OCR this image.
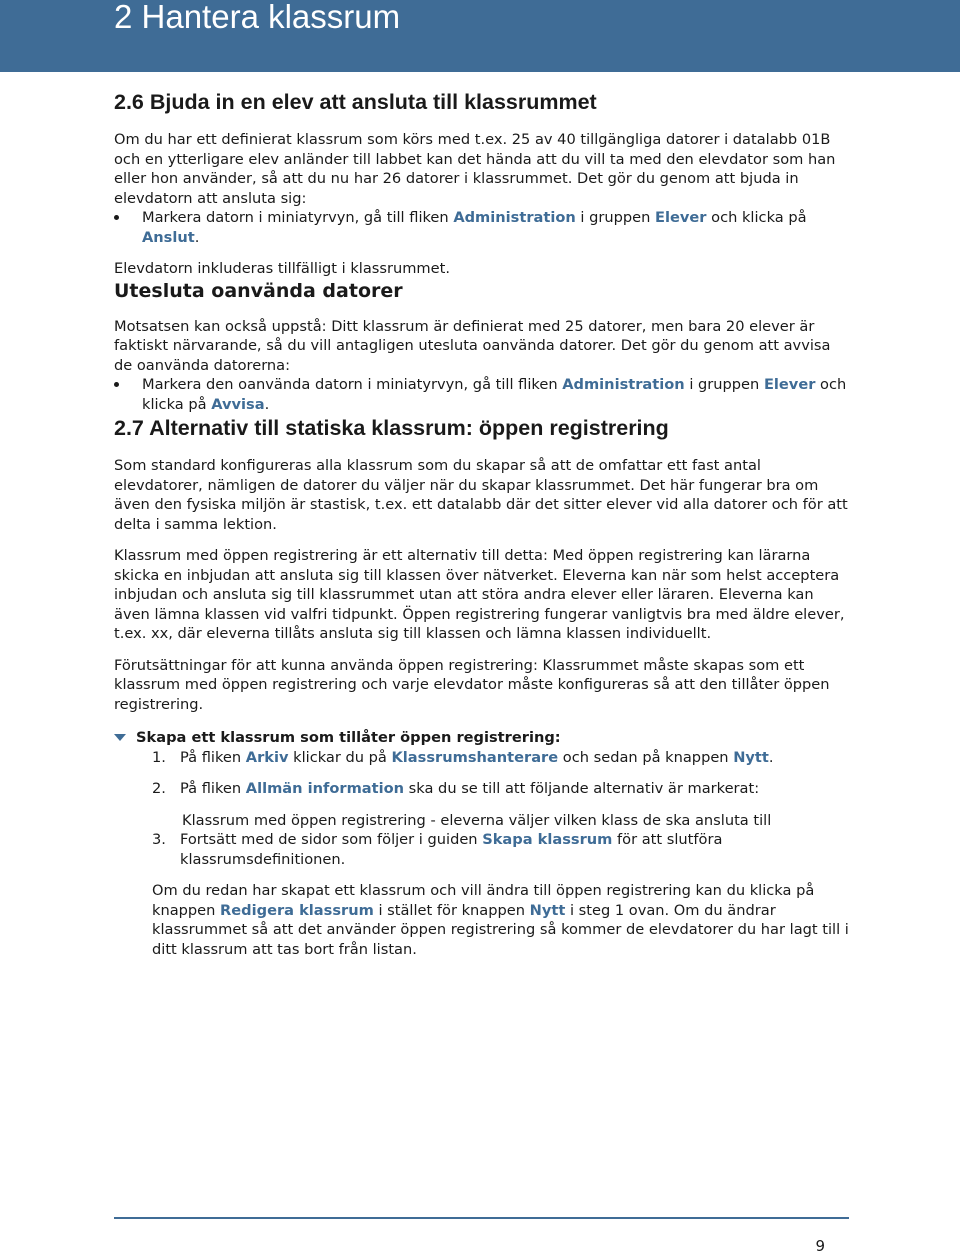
2 Hantera klassrum
2.6 Bjuda in en elev att ansluta till klassrummet

Om du har ett definierat klassrum som körs med t.ex. 25 av 40 tillgängliga datorer i datalabb 01B och en ytterligare elev anländer till labbet kan det hända att du vill ta med den elevdator som han eller hon använder, så att du nu har 26 datorer i klassrummet. Det gör du genom att bjuda in elevdatorn att ansluta sig:

Markera datorn i miniatyrvyn, gå till fliken Administration i gruppen Elever och klicka på Anslut.

Elevdatorn inkluderas tillfälligt i klassrummet.

Utesluta oanvända datorer

Motsatsen kan också uppstå: Ditt klassrum är definierat med 25 datorer, men bara 20 elever är faktiskt närvarande, så du vill antagligen utesluta oanvända datorer. Det gör du genom att avvisa de oanvända datorerna:

Markera den oanvända datorn i miniatyrvyn, gå till fliken Administration i gruppen Elever och klicka på Avvisa.
2.7 Alternativ till statiska klassrum: öppen registrering

Som standard konfigureras alla klassrum som du skapar så att de omfattar ett fast antal elevdatorer, nämligen de datorer du väljer när du skapar klassrummet. Det här fungerar bra om även den fysiska miljön är stastisk, t.ex. ett datalabb där det sitter elever vid alla datorer och för att delta i samma lektion.

Klassrum med öppen registrering är ett alternativ till detta: Med öppen registrering kan lärarna skicka en inbjudan att ansluta sig till klassen över nätverket. Eleverna kan när som helst acceptera inbjudan och ansluta sig till klassrummet utan att störa andra elever eller läraren. Eleverna kan även lämna klassen vid valfri tidpunkt. Öppen registrering fungerar vanligtvis bra med äldre elever, t.ex. xx, där eleverna tillåts ansluta sig till klassen och lämna klassen individuellt.

Förutsättningar för att kunna använda öppen registrering: Klassrummet måste skapas som ett klassrum med öppen registrering och varje elevdator måste konfigureras så att den tillåter öppen registrering.

Skapa ett klassrum som tillåter öppen registrering:
1. På fliken Arkiv klickar du på Klassrumshanterare och sedan på knappen Nytt.
2. På fliken Allmän information ska du se till att följande alternativ är markerat:

Klassrum med öppen registrering - eleverna väljer vilken klass de ska ansluta till

3. Fortsätt med de sidor som följer i guiden Skapa klassrum för att slutföra klassrumsdefinitionen.

Om du redan har skapat ett klassrum och vill ändra till öppen registrering kan du klicka på knappen Redigera klassrum i stället för knappen Nytt i steg 1 ovan. Om du ändrar klassrummet så att det använder öppen registrering så kommer de elevdatorer du har lagt till i ditt klassrum att tas bort från listan.

9
